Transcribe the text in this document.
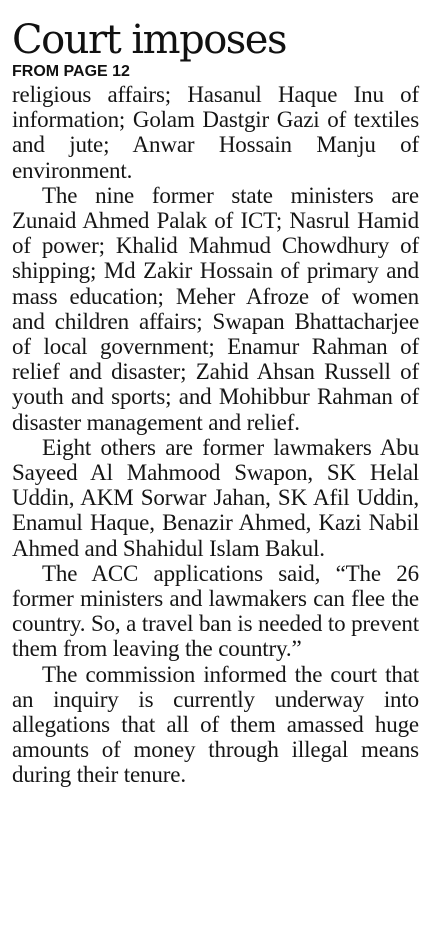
Court imposes
FROM PAGE 12

religious affairs; Hasanul Haque Inu of information; Golam Dastgir Gazi of textiles and jute; Anwar Hossain Manju of environment.

The nine former state ministers are Zunaid Ahmed Palak of ICT; Nasrul Hamid of power; Khalid Mahmud Chowdhury of shipping; Md Zakir Hossain of primary and mass education; Meher Afroze of women and children affairs; Swapan Bhattacharjee of local government; Enamur Rahman of relief and disaster; Zahid Ahsan Russell of youth and sports; and Mohibbur Rahman of disaster management and relief.

Eight others are former lawmakers Abu Sayeed Al Mahmood Swapon, SK Helal Uddin, AKM Sorwar Jahan, SK Afil Uddin, Enamul Haque, Benazir Ahmed, Kazi Nabil Ahmed and Shahidul Islam Bakul.

The ACC applications said, “The 26 former ministers and lawmakers can flee the country. So, a travel ban is needed to prevent them from leaving the country.”

The commission informed the court that an inquiry is currently underway into allegations that all of them amassed huge amounts of money through illegal means during their tenure.
